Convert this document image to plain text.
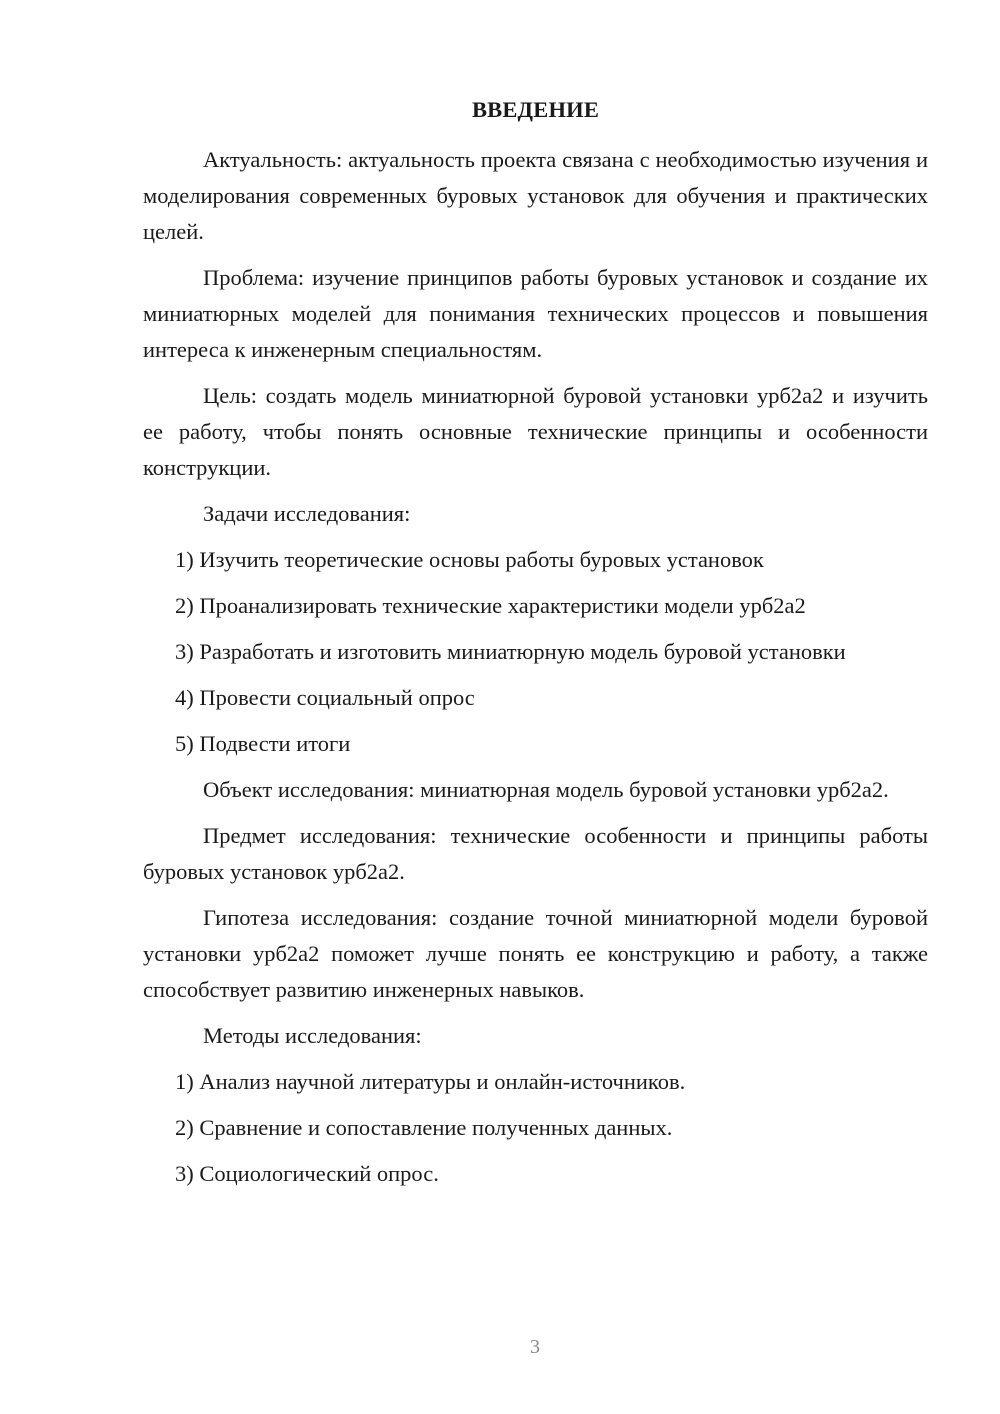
ВВЕДЕНИЕ

Актуальность: актуальность проекта связана с необходимостью изучения и моделирования современных буровых установок для обучения и практических целей.

Проблема: изучение принципов работы буровых установок и создание их миниатюрных моделей для понимания технических процессов и повышения интереса к инженерным специальностям.

Цель: создать модель миниатюрной буровой установки урб2а2 и изучить ее работу, чтобы понять основные технические принципы и особенности конструкции.

Задачи исследования:
1) Изучить теоретические основы работы буровых установок
2) Проанализировать технические характеристики модели урб2а2
3) Разработать и изготовить миниатюрную модель буровой установки
4) Провести социальный опрос
5) Подвести итоги

Объект исследования: миниатюрная модель буровой установки урб2а2.

Предмет исследования: технические особенности и принципы работы буровых установок урб2а2.

Гипотеза исследования: создание точной миниатюрной модели буровой установки урб2а2 поможет лучше понять ее конструкцию и работу, а также способствует развитию инженерных навыков.

Методы исследования:
1) Анализ научной литературы и онлайн-источников.
2) Сравнение и сопоставление полученных данных.
3) Социологический опрос.
3
